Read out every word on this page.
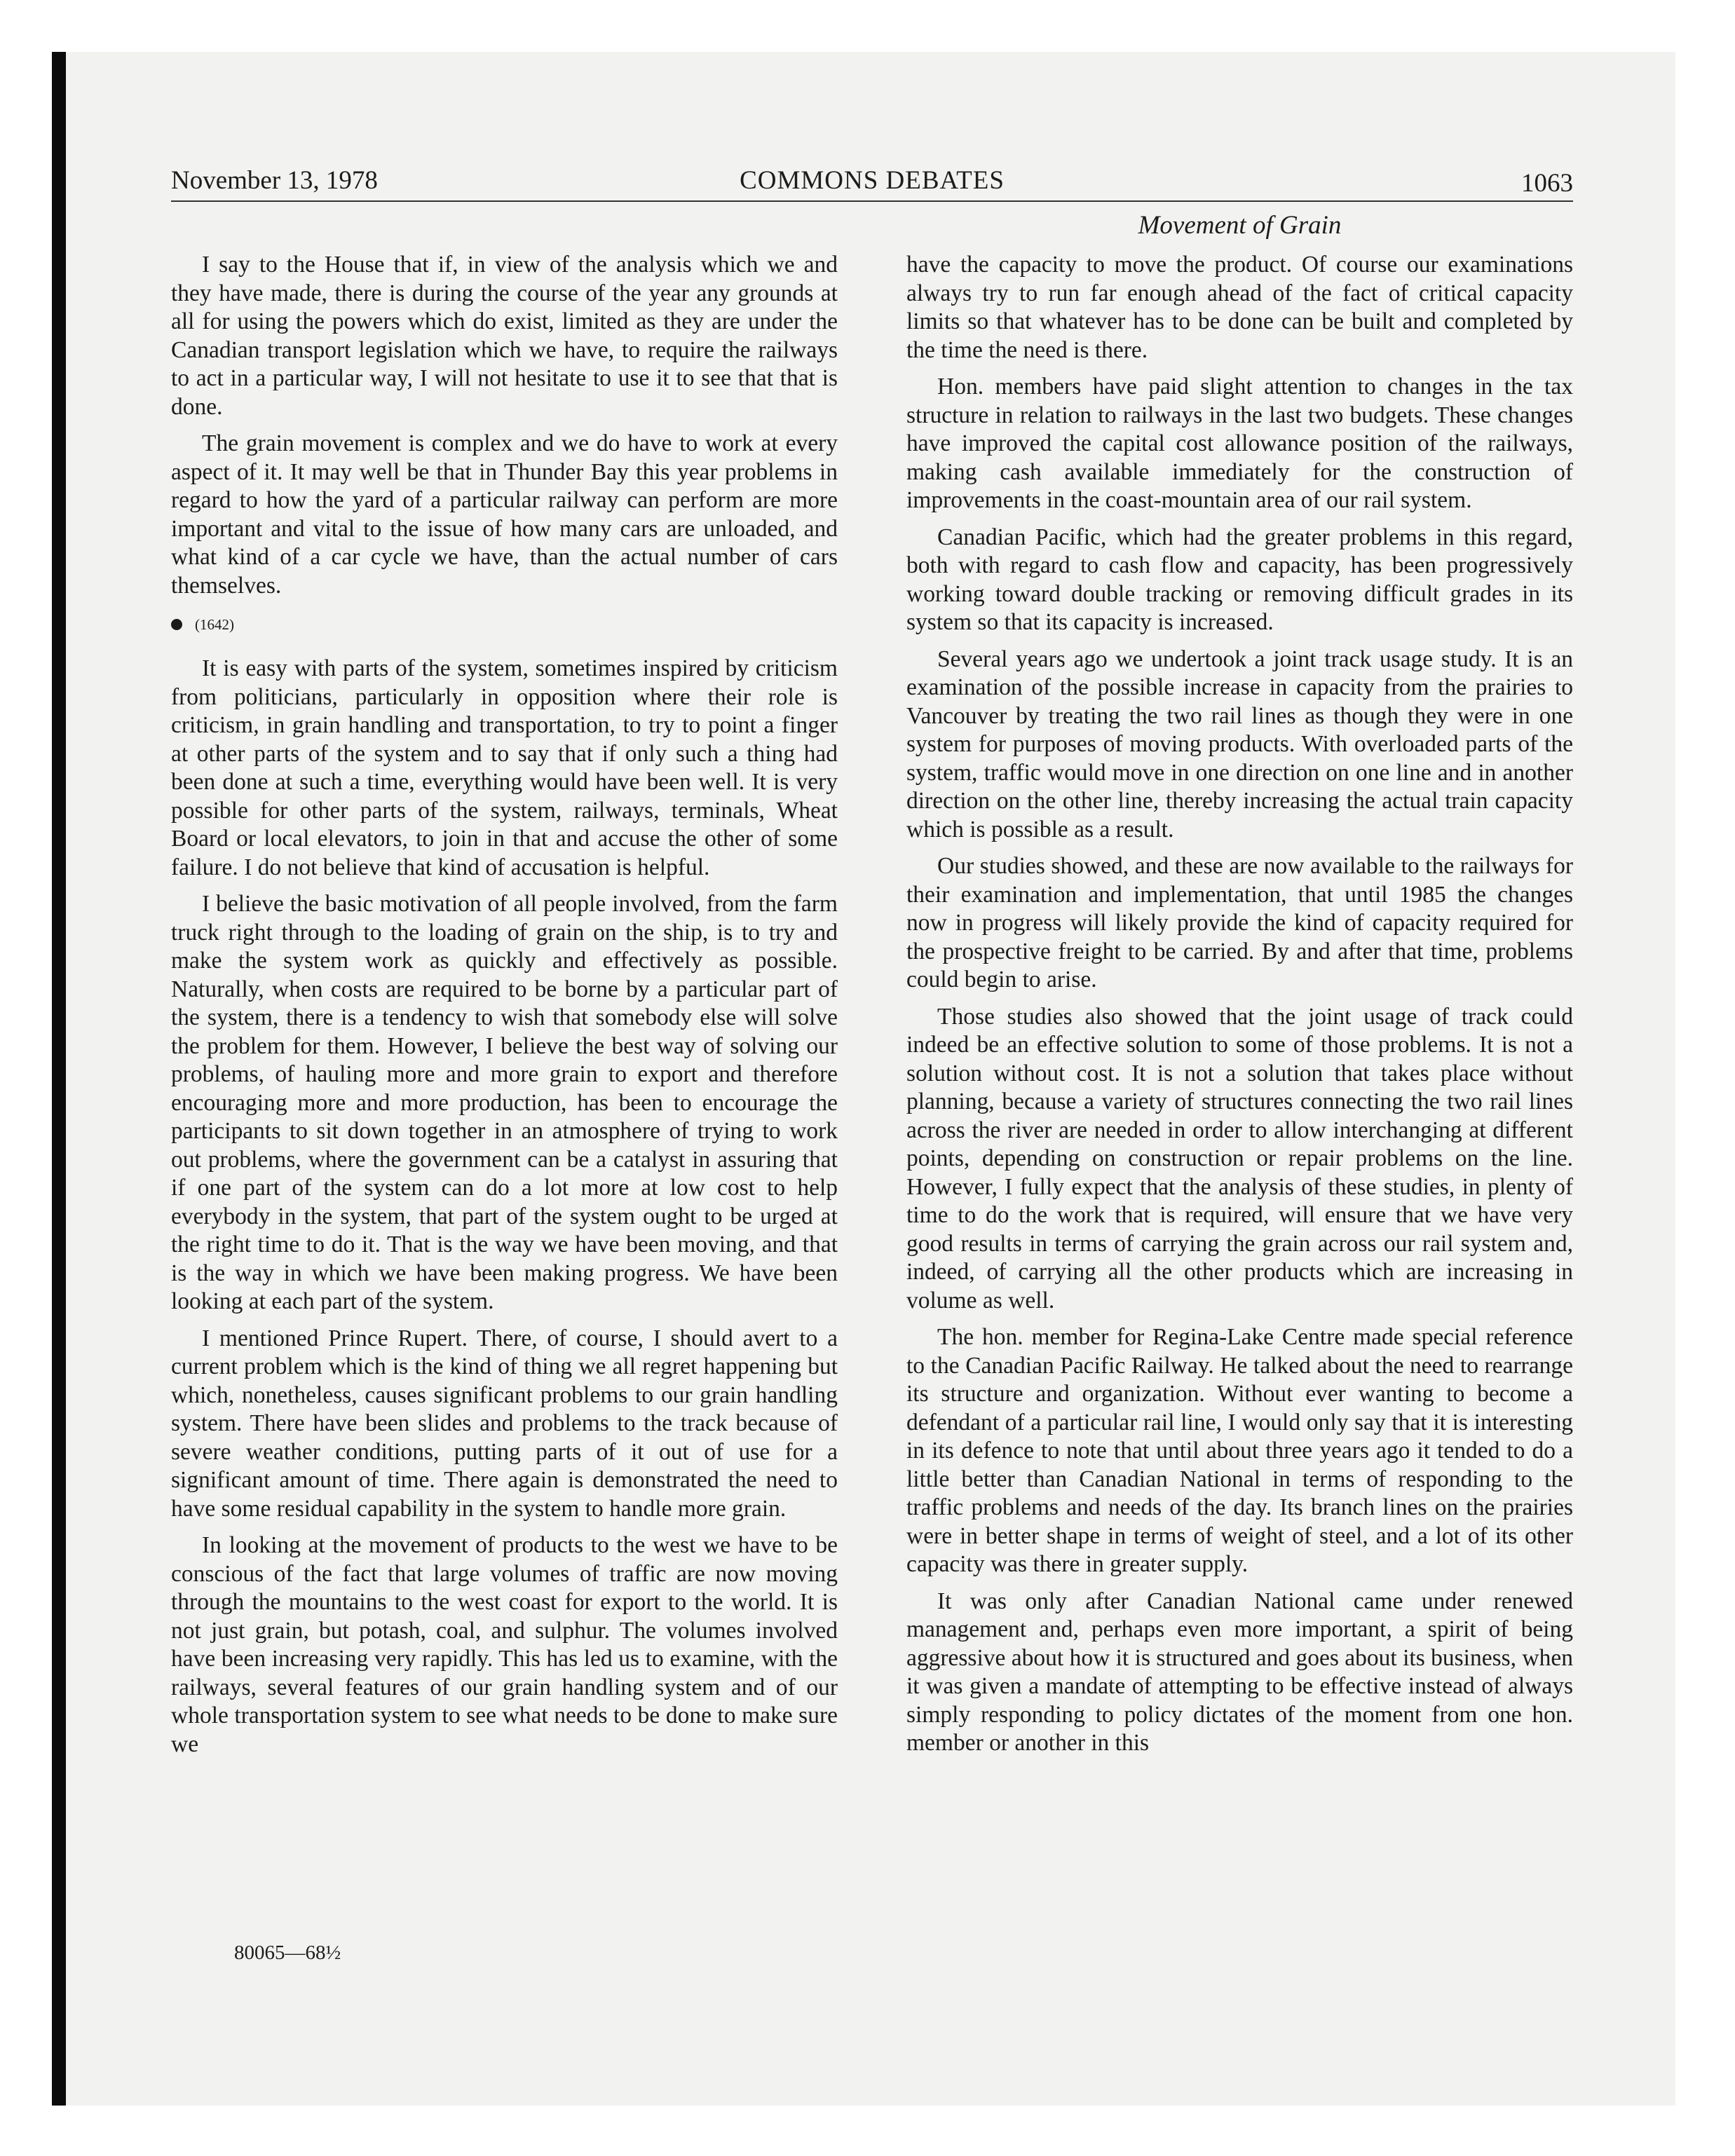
November 13, 1978	COMMONS DEBATES	1063
Movement of Grain

I say to the House that if, in view of the analysis which we and they have made, there is during the course of the year any grounds at all for using the powers which do exist, limited as they are under the Canadian transport legislation which we have, to require the railways to act in a particular way, I will not hesitate to use it to see that that is done.

The grain movement is complex and we do have to work at every aspect of it. It may well be that in Thunder Bay this year problems in regard to how the yard of a particular railway can perform are more important and vital to the issue of how many cars are unloaded, and what kind of a car cycle we have, than the actual number of cars themselves.

(1642)

It is easy with parts of the system, sometimes inspired by criticism from politicians, particularly in opposition where their role is criticism, in grain handling and transportation, to try to point a finger at other parts of the system and to say that if only such a thing had been done at such a time, everything would have been well. It is very possible for other parts of the system, railways, terminals, Wheat Board or local elevators, to join in that and accuse the other of some failure. I do not believe that kind of accusation is helpful.

I believe the basic motivation of all people involved, from the farm truck right through to the loading of grain on the ship, is to try and make the system work as quickly and effectively as possible. Naturally, when costs are required to be borne by a particular part of the system, there is a tendency to wish that somebody else will solve the problem for them. However, I believe the best way of solving our problems, of hauling more and more grain to export and therefore encouraging more and more production, has been to encourage the participants to sit down together in an atmosphere of trying to work out problems, where the government can be a catalyst in assuring that if one part of the system can do a lot more at low cost to help everybody in the system, that part of the system ought to be urged at the right time to do it. That is the way we have been moving, and that is the way in which we have been making progress. We have been looking at each part of the system.

I mentioned Prince Rupert. There, of course, I should avert to a current problem which is the kind of thing we all regret happening but which, nonetheless, causes significant problems to our grain handling system. There have been slides and problems to the track because of severe weather conditions, putting parts of it out of use for a significant amount of time. There again is demonstrated the need to have some residual capability in the system to handle more grain.

In looking at the movement of products to the west we have to be conscious of the fact that large volumes of traffic are now moving through the mountains to the west coast for export to the world. It is not just grain, but potash, coal, and sulphur. The volumes involved have been increasing very rapidly. This has led us to examine, with the railways, several features of our grain handling system and of our whole transportation system to see what needs to be done to make sure we

have the capacity to move the product. Of course our examinations always try to run far enough ahead of the fact of critical capacity limits so that whatever has to be done can be built and completed by the time the need is there.

Hon. members have paid slight attention to changes in the tax structure in relation to railways in the last two budgets. These changes have improved the capital cost allowance position of the railways, making cash available immediately for the construction of improvements in the coast-mountain area of our rail system.

Canadian Pacific, which had the greater problems in this regard, both with regard to cash flow and capacity, has been progressively working toward double tracking or removing difficult grades in its system so that its capacity is increased.

Several years ago we undertook a joint track usage study. It is an examination of the possible increase in capacity from the prairies to Vancouver by treating the two rail lines as though they were in one system for purposes of moving products. With overloaded parts of the system, traffic would move in one direction on one line and in another direction on the other line, thereby increasing the actual train capacity which is possible as a result.

Our studies showed, and these are now available to the railways for their examination and implementation, that until 1985 the changes now in progress will likely provide the kind of capacity required for the prospective freight to be carried. By and after that time, problems could begin to arise.

Those studies also showed that the joint usage of track could indeed be an effective solution to some of those problems. It is not a solution without cost. It is not a solution that takes place without planning, because a variety of structures connecting the two rail lines across the river are needed in order to allow interchanging at different points, depending on construction or repair problems on the line. However, I fully expect that the analysis of these studies, in plenty of time to do the work that is required, will ensure that we have very good results in terms of carrying the grain across our rail system and, indeed, of carrying all the other products which are increasing in volume as well.

The hon. member for Regina-Lake Centre made special reference to the Canadian Pacific Railway. He talked about the need to rearrange its structure and organization. Without ever wanting to become a defendant of a particular rail line, I would only say that it is interesting in its defence to note that until about three years ago it tended to do a little better than Canadian National in terms of responding to the traffic problems and needs of the day. Its branch lines on the prairies were in better shape in terms of weight of steel, and a lot of its other capacity was there in greater supply.

It was only after Canadian National came under renewed management and, perhaps even more important, a spirit of being aggressive about how it is structured and goes about its business, when it was given a mandate of attempting to be effective instead of always simply responding to policy dictates of the moment from one hon. member or another in this

80065—68½
